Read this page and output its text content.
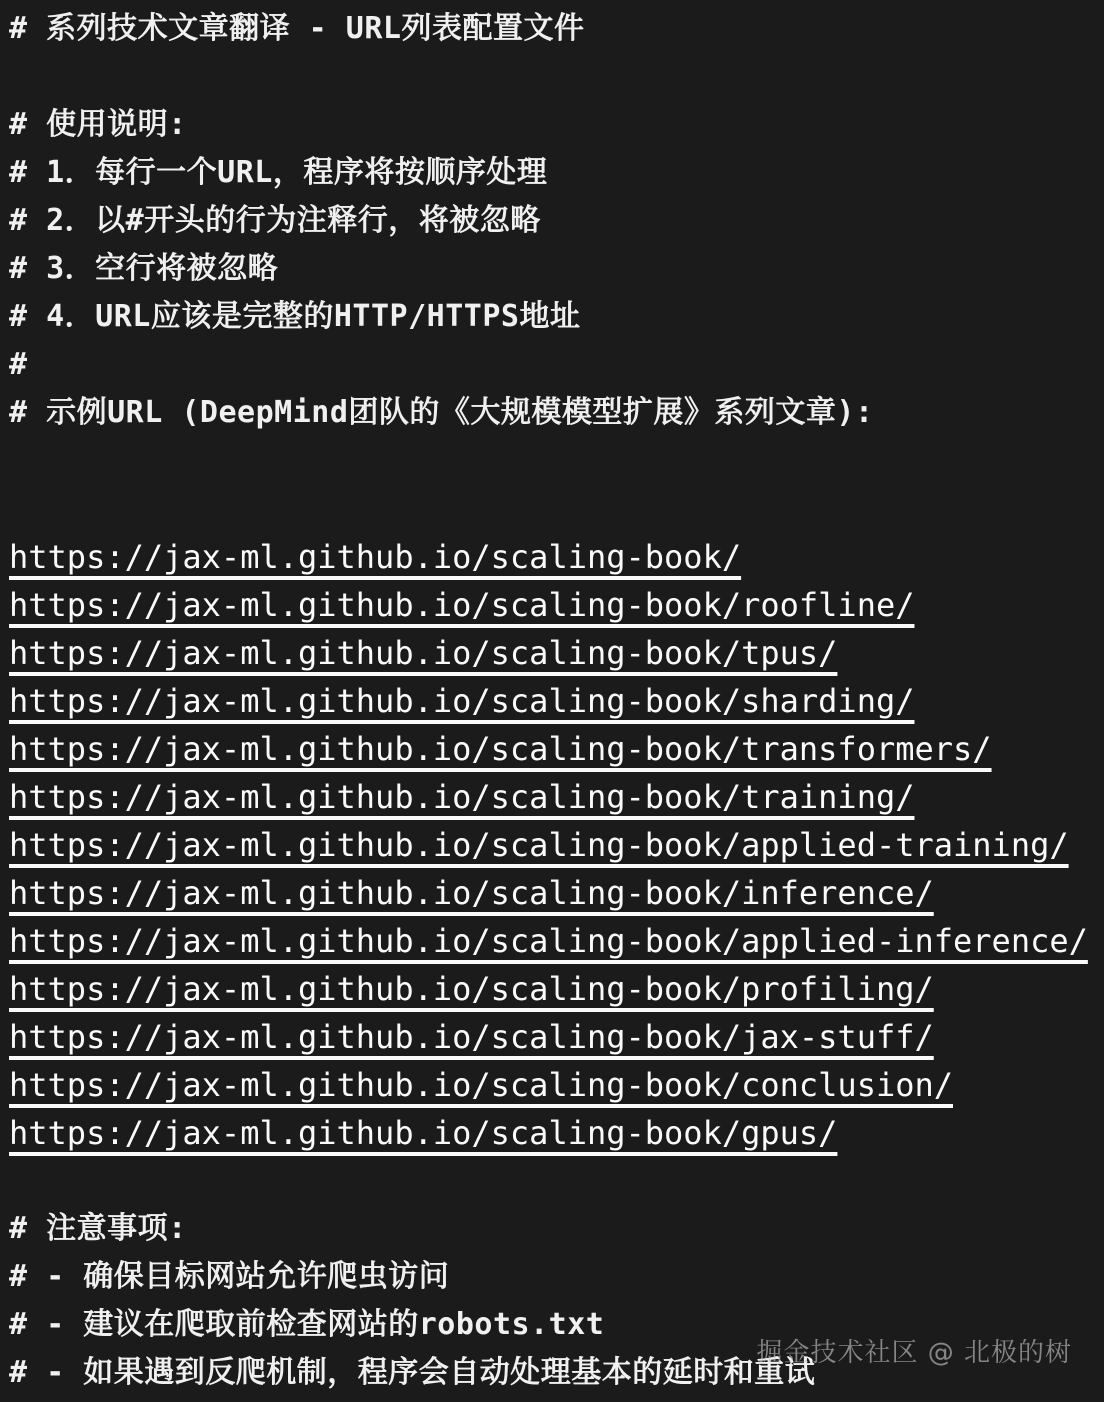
# 系列技术文章翻译 - URL列表配置文件
# 使用说明:
# 1．每行一个URL，程序将按顺序处理
# 2．以#开头的行为注释行，将被忽略
# 3．空行将被忽略
# 4．URL应该是完整的HTTP/HTTPS地址
#
# 示例URL (DeepMind团队的《大规模模型扩展》系列文章):
https://jax-ml.github.io/scaling-book/
https://jax-ml.github.io/scaling-book/roofline/
https://jax-ml.github.io/scaling-book/tpus/
https://jax-ml.github.io/scaling-book/sharding/
https://jax-ml.github.io/scaling-book/transformers/
https://jax-ml.github.io/scaling-book/training/
https://jax-ml.github.io/scaling-book/applied-training/
https://jax-ml.github.io/scaling-book/inference/
https://jax-ml.github.io/scaling-book/applied-inference/
https://jax-ml.github.io/scaling-book/profiling/
https://jax-ml.github.io/scaling-book/jax-stuff/
https://jax-ml.github.io/scaling-book/conclusion/
https://jax-ml.github.io/scaling-book/gpus/
# 注意事项:
# - 确保目标网站允许爬虫访问
# - 建议在爬取前检查网站的robots.txt
# - 如果遇到反爬机制，程序会自动处理基本的延时和重试
掘金技术社区 @ 北极的树
